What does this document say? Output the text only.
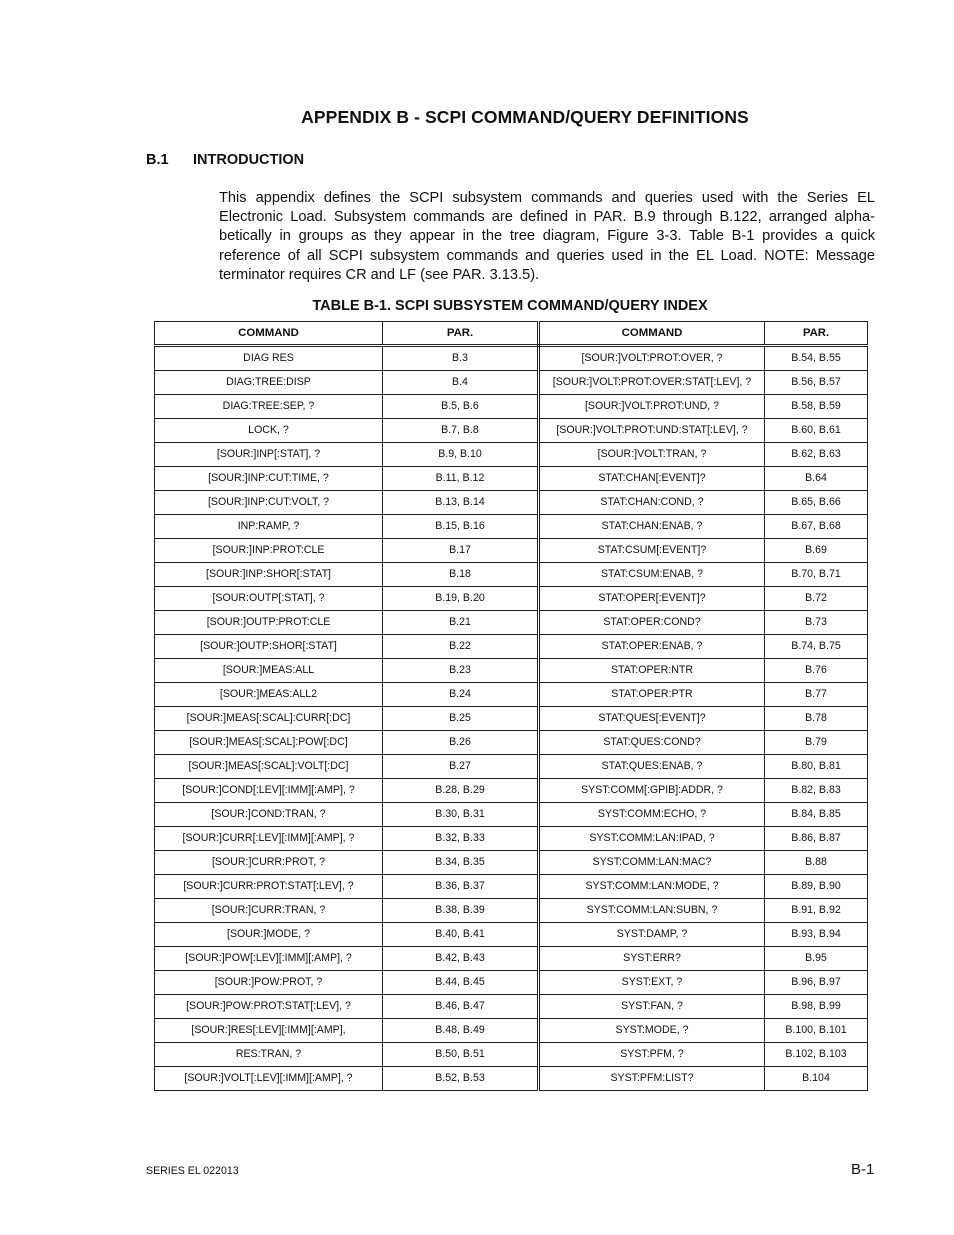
APPENDIX B - SCPI COMMAND/QUERY DEFINITIONS
B.1 INTRODUCTION
This appendix defines the SCPI subsystem commands and queries used with the Series EL Electronic Load. Subsystem commands are defined in PAR. B.9 through B.122, arranged alpha-betically in groups as they appear in the tree diagram, Figure 3-3. Table B-1 provides a quick reference of all SCPI subsystem commands and queries used in the EL Load. NOTE: Message terminator requires CR and LF (see PAR. 3.13.5).
TABLE B-1. SCPI SUBSYSTEM COMMAND/QUERY INDEX
COMMAND	PAR.	COMMAND	PAR.
DIAG RES	B.3	[SOUR:]VOLT:PROT:OVER, ?	B.54, B.55
DIAG:TREE:DISP	B.4	[SOUR:]VOLT:PROT:OVER:STAT[:LEV], ?	B.56, B.57
DIAG:TREE:SEP, ?	B.5, B.6	[SOUR:]VOLT:PROT:UND, ?	B.58, B.59
LOCK, ?	B.7, B.8	[SOUR:]VOLT:PROT:UND:STAT[:LEV], ?	B.60, B.61
[SOUR:]INP[:STAT], ?	B.9, B.10	[SOUR:]VOLT:TRAN, ?	B.62, B.63
[SOUR:]INP:CUT:TIME, ?	B.11, B.12	STAT:CHAN[:EVENT]?	B.64
[SOUR:]INP:CUT:VOLT, ?	B.13, B.14	STAT:CHAN:COND, ?	B.65, B.66
INP:RAMP, ?	B.15, B.16	STAT:CHAN:ENAB, ?	B.67, B.68
[SOUR:]INP:PROT:CLE	B.17	STAT:CSUM[:EVENT]?	B.69
[SOUR:]INP:SHOR[:STAT]	B.18	STAT:CSUM:ENAB, ?	B.70, B.71
[SOUR:OUTP[:STAT], ?	B.19, B.20	STAT:OPER[:EVENT]?	B.72
[SOUR:]OUTP:PROT:CLE	B.21	STAT:OPER:COND?	B.73
[SOUR:]OUTP:SHOR[:STAT]	B.22	STAT:OPER:ENAB, ?	B.74, B.75
[SOUR:]MEAS:ALL	B.23	STAT:OPER:NTR	B.76
[SOUR:]MEAS:ALL2	B.24	STAT:OPER:PTR	B.77
[SOUR:]MEAS[:SCAL]:CURR[:DC]	B.25	STAT:QUES[:EVENT]?	B.78
[SOUR:]MEAS[:SCAL]:POW[:DC]	B.26	STAT:QUES:COND?	B.79
[SOUR:]MEAS[:SCAL]:VOLT[:DC]	B.27	STAT:QUES:ENAB, ?	B.80, B.81
[SOUR:]COND[:LEV][:IMM][:AMP], ?	B.28, B.29	SYST:COMM[:GPIB]:ADDR, ?	B.82, B.83
[SOUR:]COND:TRAN, ?	B.30, B.31	SYST:COMM:ECHO, ?	B.84, B.85
[SOUR:]CURR[:LEV][:IMM][:AMP], ?	B.32, B.33	SYST:COMM:LAN:IPAD, ?	B.86, B.87
[SOUR:]CURR:PROT, ?	B.34, B.35	SYST:COMM:LAN:MAC?	B.88
[SOUR:]CURR:PROT:STAT[:LEV], ?	B.36, B.37	SYST:COMM:LAN:MODE, ?	B.89, B.90
[SOUR:]CURR:TRAN, ?	B.38, B.39	SYST:COMM:LAN:SUBN, ?	B.91, B.92
[SOUR:]MODE, ?	B.40, B.41	SYST:DAMP, ?	B.93, B.94
[SOUR:]POW[:LEV][:IMM][:AMP], ?	B.42, B.43	SYST:ERR?	B.95
[SOUR:]POW:PROT, ?	B.44, B.45	SYST:EXT, ?	B.96, B.97
[SOUR:]POW:PROT:STAT[:LEV], ?	B.46, B.47	SYST:FAN, ?	B.98, B.99
[SOUR:]RES[:LEV][:IMM][:AMP],	B.48, B.49	SYST:MODE, ?	B.100, B.101
RES:TRAN, ?	B.50, B.51	SYST:PFM, ?	B.102, B.103
[SOUR:]VOLT[:LEV][:IMM][:AMP], ?	B.52, B.53	SYST:PFM:LIST?	B.104
SERIES EL 022013	B-1
